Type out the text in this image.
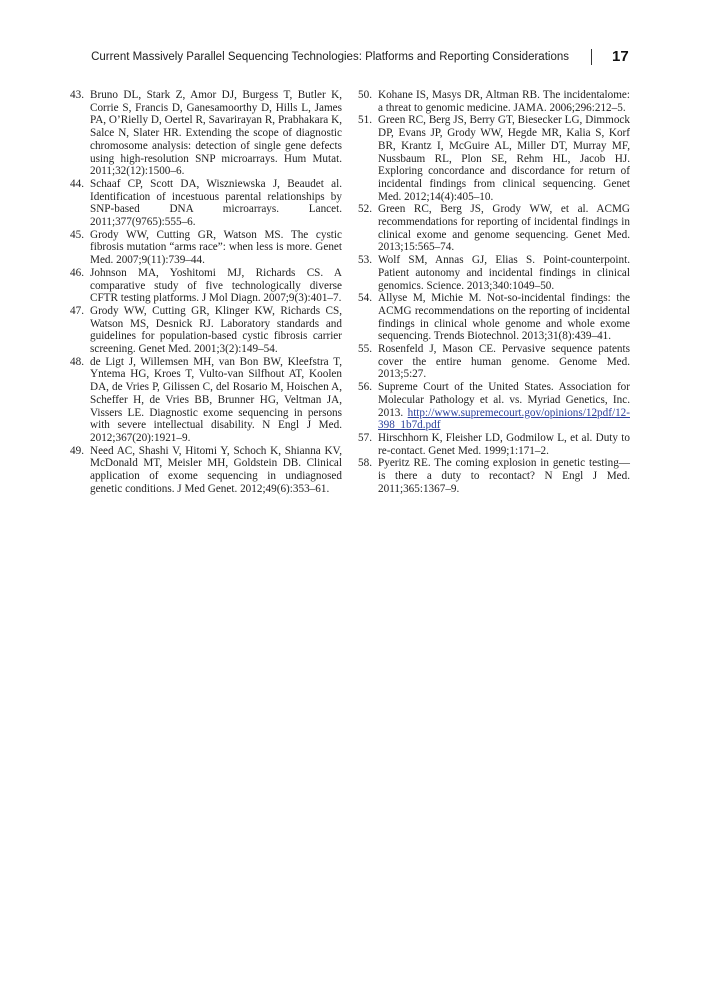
Current Massively Parallel Sequencing Technologies: Platforms and Reporting Considerations	17
43. Bruno DL, Stark Z, Amor DJ, Burgess T, Butler K, Corrie S, Francis D, Ganesamoorthy D, Hills L, James PA, O’Rielly D, Oertel R, Savarirayan R, Prabhakara K, Salce N, Slater HR. Extending the scope of diagnostic chromosome analysis: detection of single gene defects using high-resolution SNP microarrays. Hum Mutat. 2011;32(12):1500–6.
44. Schaaf CP, Scott DA, Wiszniewska J, Beaudet al. Identification of incestuous parental relationships by SNP-based DNA microarrays. Lancet. 2011;377(9765):555–6.
45. Grody WW, Cutting GR, Watson MS. The cystic fibrosis mutation “arms race”: when less is more. Genet Med. 2007;9(11):739–44.
46. Johnson MA, Yoshitomi MJ, Richards CS. A comparative study of five technologically diverse CFTR testing platforms. J Mol Diagn. 2007;9(3):401–7.
47. Grody WW, Cutting GR, Klinger KW, Richards CS, Watson MS, Desnick RJ. Laboratory standards and guidelines for population-based cystic fibrosis carrier screening. Genet Med. 2001;3(2):149–54.
48. de Ligt J, Willemsen MH, van Bon BW, Kleefstra T, Yntema HG, Kroes T, Vulto-van Silfhout AT, Koolen DA, de Vries P, Gilissen C, del Rosario M, Hoischen A, Scheffer H, de Vries BB, Brunner HG, Veltman JA, Vissers LE. Diagnostic exome sequencing in persons with severe intellectual disability. N Engl J Med. 2012;367(20):1921–9.
49. Need AC, Shashi V, Hitomi Y, Schoch K, Shianna KV, McDonald MT, Meisler MH, Goldstein DB. Clinical application of exome sequencing in undiagnosed genetic conditions. J Med Genet. 2012;49(6):353–61.
50. Kohane IS, Masys DR, Altman RB. The incidentalome: a threat to genomic medicine. JAMA. 2006;296:212–5.
51. Green RC, Berg JS, Berry GT, Biesecker LG, Dimmock DP, Evans JP, Grody WW, Hegde MR, Kalia S, Korf BR, Krantz I, McGuire AL, Miller DT, Murray MF, Nussbaum RL, Plon SE, Rehm HL, Jacob HJ. Exploring concordance and discordance for return of incidental findings from clinical sequencing. Genet Med. 2012;14(4):405–10.
52. Green RC, Berg JS, Grody WW, et al. ACMG recommendations for reporting of incidental findings in clinical exome and genome sequencing. Genet Med. 2013;15:565–74.
53. Wolf SM, Annas GJ, Elias S. Point-counterpoint. Patient autonomy and incidental findings in clinical genomics. Science. 2013;340:1049–50.
54. Allyse M, Michie M. Not-so-incidental findings: the ACMG recommendations on the reporting of incidental findings in clinical whole genome and whole exome sequencing. Trends Biotechnol. 2013;31(8):439–41.
55. Rosenfeld J, Mason CE. Pervasive sequence patents cover the entire human genome. Genome Med. 2013;5:27.
56. Supreme Court of the United States. Association for Molecular Pathology et al. vs. Myriad Genetics, Inc. 2013. http://www.supremecourt.gov/opinions/12pdf/12-398_1b7d.pdf
57. Hirschhorn K, Fleisher LD, Godmilow L, et al. Duty to re-contact. Genet Med. 1999;1:171–2.
58. Pyeritz RE. The coming explosion in genetic testing—is there a duty to recontact? N Engl J Med. 2011;365:1367–9.
